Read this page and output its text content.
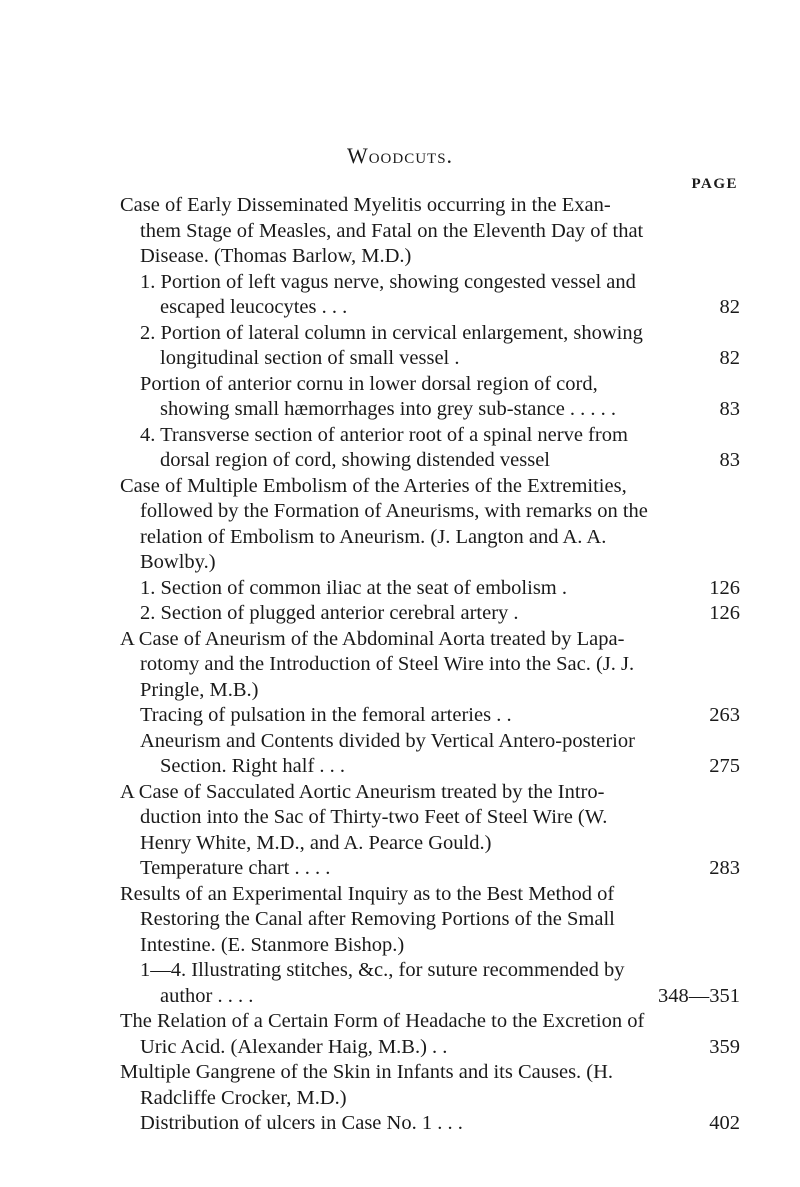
Woodcuts.
PAGE
Case of Early Disseminated Myelitis occurring in the Exan-them Stage of Measles, and Fatal on the Eleventh Day of that Disease. (Thomas Barlow, M.D.)
1. Portion of left vagus nerve, showing congested vessel and escaped leucocytes . . .	82
2. Portion of lateral column in cervical enlargement, showing longitudinal section of small vessel .	82
Portion of anterior cornu in lower dorsal region of cord, showing small hæmorrhages into grey sub-stance . . . . .	83
4. Transverse section of anterior root of a spinal nerve from dorsal region of cord, showing distended vessel	83
Case of Multiple Embolism of the Arteries of the Extremities, followed by the Formation of Aneurisms, with remarks on the relation of Embolism to Aneurism. (J. Langton and A. A. Bowlby.)
1. Section of common iliac at the seat of embolism .	126
2. Section of plugged anterior cerebral artery .	126
A Case of Aneurism of the Abdominal Aorta treated by Lapa-rotomy and the Introduction of Steel Wire into the Sac. (J. J. Pringle, M.B.)
Tracing of pulsation in the femoral arteries . .	263
Aneurism and Contents divided by Vertical Antero-posterior Section. Right half . . .	275
A Case of Sacculated Aortic Aneurism treated by the Intro-duction into the Sac of Thirty-two Feet of Steel Wire (W. Henry White, M.D., and A. Pearce Gould.)
Temperature chart . . . .	283
Results of an Experimental Inquiry as to the Best Method of Restoring the Canal after Removing Portions of the Small Intestine. (E. Stanmore Bishop.)
1—4. Illustrating stitches, &c., for suture recommended by author . . . .	348—351
The Relation of a Certain Form of Headache to the Excretion of Uric Acid. (Alexander Haig, M.B.) . .	359
Multiple Gangrene of the Skin in Infants and its Causes. (H. Radcliffe Crocker, M.D.)
Distribution of ulcers in Case No. 1 . . .	402
